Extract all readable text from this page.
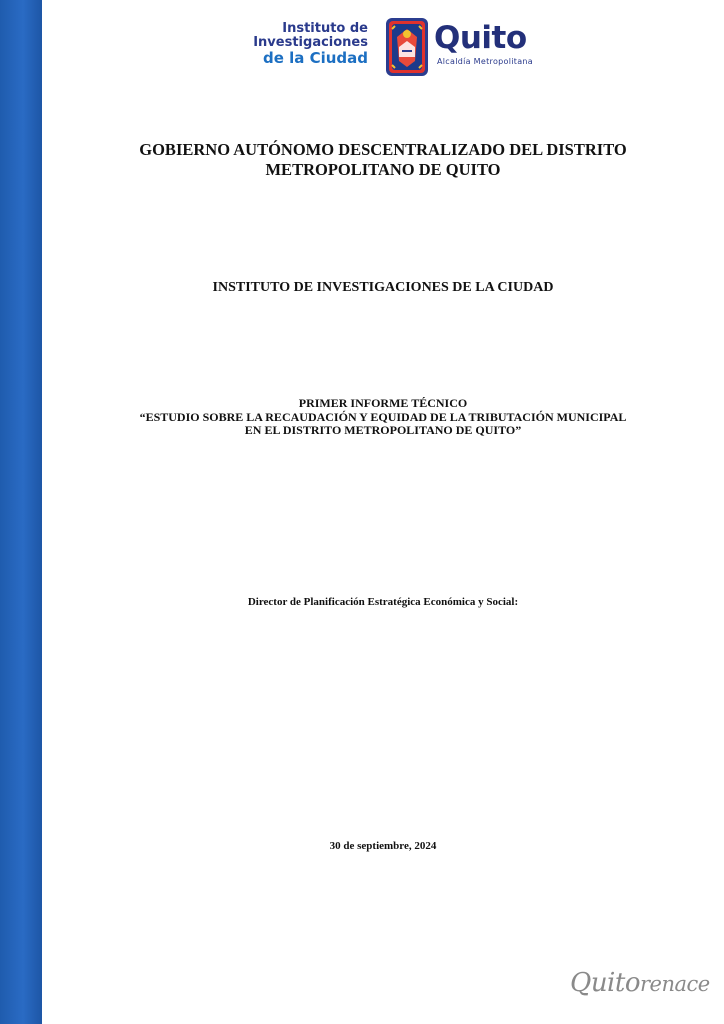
Instituto de
Investigaciones
de la Ciudad
Quito
Alcaldía Metropolitana
GOBIERNO AUTÓNOMO DESCENTRALIZADO DEL DISTRITO
METROPOLITANO DE QUITO
INSTITUTO DE INVESTIGACIONES DE LA CIUDAD
PRIMER INFORME TÉCNICO
“ESTUDIO SOBRE LA RECAUDACIÓN Y EQUIDAD DE LA TRIBUTACIÓN MUNICIPAL
EN EL DISTRITO METROPOLITANO DE QUITO”
Director de Planificación Estratégica Económica y Social:
30 de septiembre, 2024
Quitorenace
